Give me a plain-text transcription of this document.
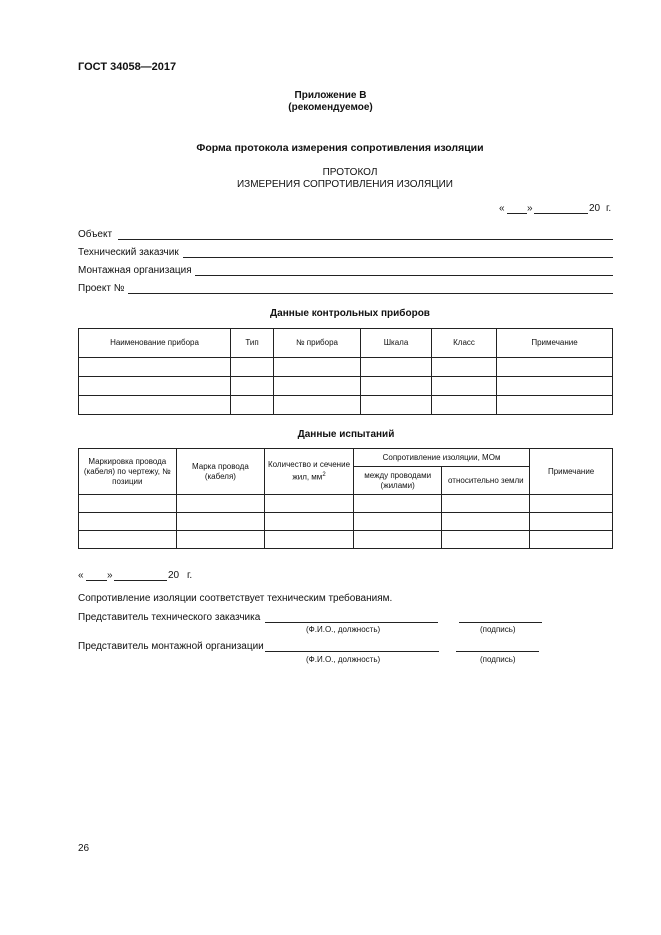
ГОСТ 34058—2017
Приложение В
(рекомендуемое)
Форма протокола измерения сопротивления изоляции
ПРОТОКОЛ
ИЗМЕРЕНИЯ СОПРОТИВЛЕНИЯ ИЗОЛЯЦИИ
« »	20 г.
Объект
Технический заказчик
Монтажная организация
Проект №
Данные контрольных приборов
Наименование прибора	Тип	№ прибора	Шкала	Класс	Примечание

Данные испытаний
Маркировка провода (кабеля) по чертежу, № позиции	Марка провода (кабеля)	Количество и сечение жил, $мм^2$	Сопротивление изоляции, МОм		Примечание
			между проводами (жилами)	относительно земли	

« »	20 г.
Сопротивление изоляции соответствует техническим требованиям.
Представитель технического заказчика
(Ф.И.О., должность)	(подпись)
Представитель монтажной организации
(Ф.И.О., должность)	(подпись)
26
